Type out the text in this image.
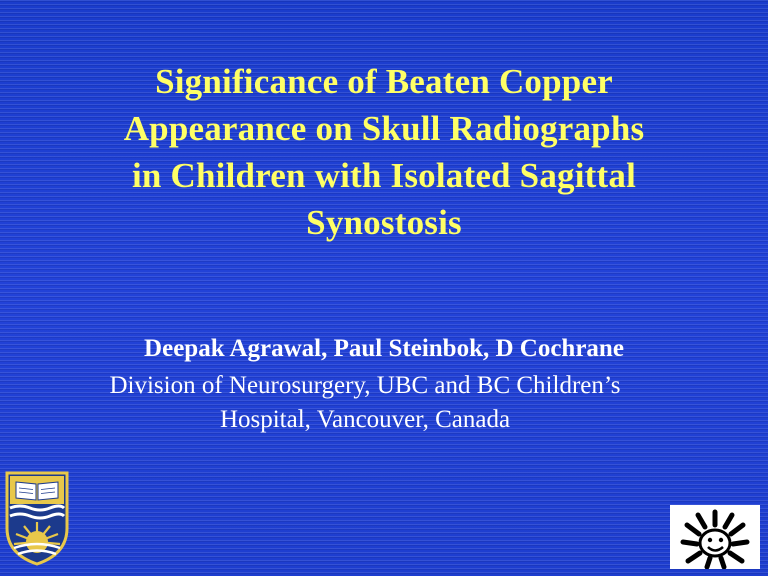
Significance of Beaten Copper
Appearance on Skull Radiographs
in Children with Isolated Sagittal
Synostosis

Deepak Agrawal, Paul Steinbok, D Cochrane

Division of Neurosurgery, UBC and BC Children’s
Hospital, Vancouver, Canada
